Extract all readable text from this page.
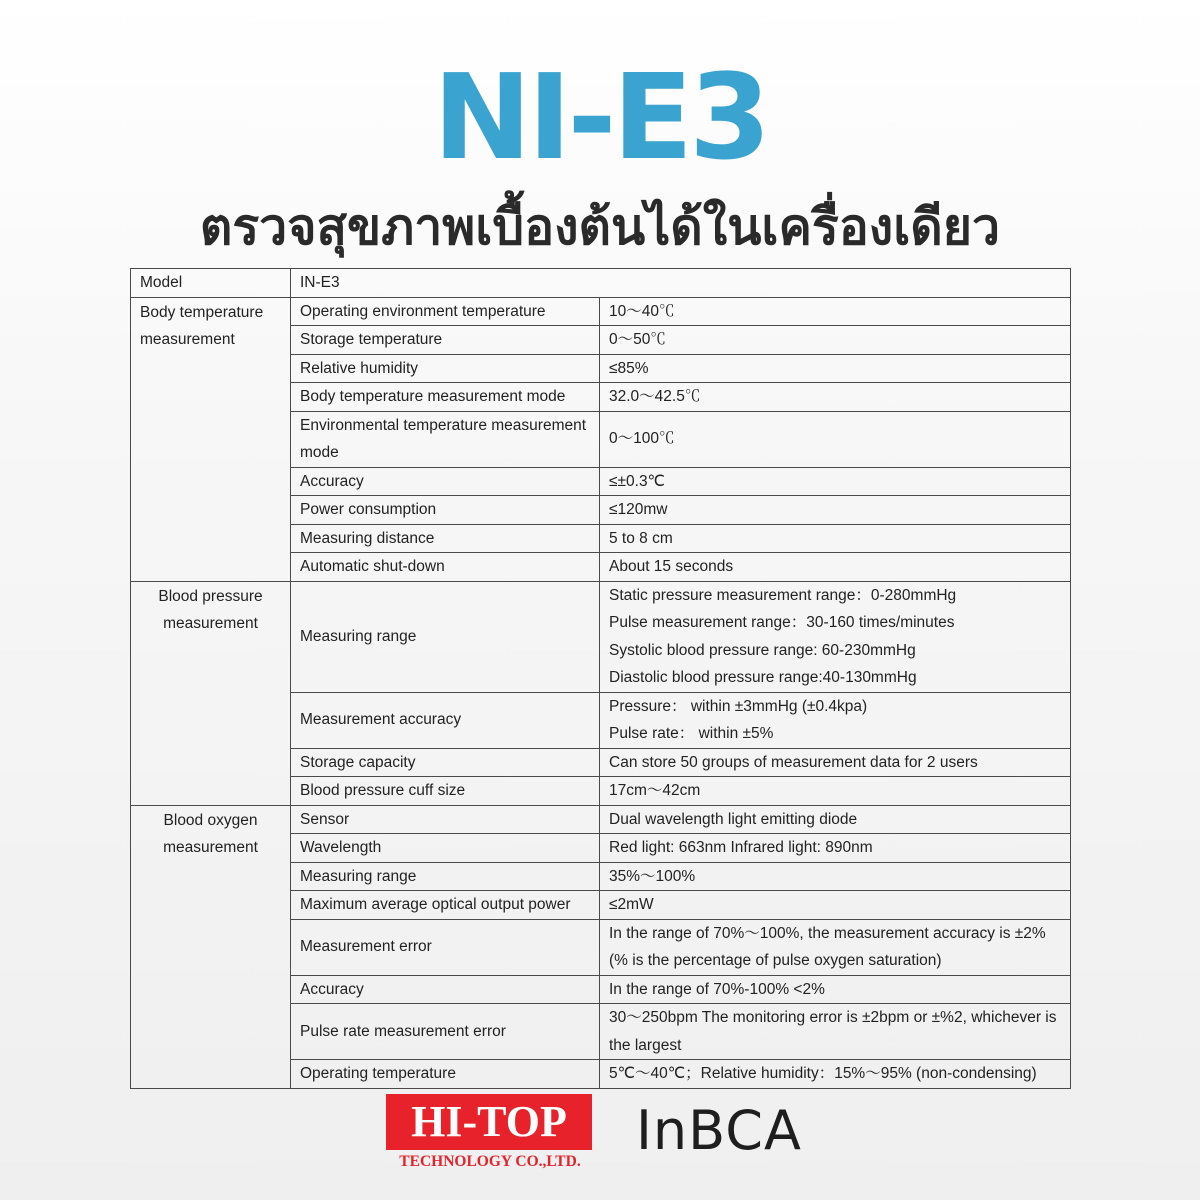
NI-E3
ตรวจสุขภาพเบื้องต้นได้ในเครื่องเดียว
Model	IN-E3	

Body temperature
measurement	Operating environment temperature	10～40℃

	Storage temperature	0～50℃

	Relative humidity	≤85%

	Body temperature measurement mode	32.0～42.5℃

	Environmental temperature measurement
mode	0～100℃

	Accuracy	≤±0.3℃

	Power consumption	≤120mw

	Measuring distance	5 to 8 cm

	Automatic shut-down	About 15 seconds

Blood pressure
measurement	Measuring range	Static pressure measurement range：0-280mmHg
Pulse measurement range：30-160 times/minutes
Systolic blood pressure range: 60-230mmHg
Diastolic blood pressure range:40-130mmHg

	Measurement accuracy	Pressure： within ±3mmHg (±0.4kpa)
Pulse rate： within ±5%

	Storage capacity	Can store 50 groups of measurement data for 2 users

	Blood pressure cuff size	17cm～42cm

Blood oxygen
measurement	Sensor	Dual wavelength light emitting diode

	Wavelength	Red light: 663nm Infrared light: 890nm

	Measuring range	35%～100%

	Maximum average optical output power	≤2mW

	Measurement error	In the range of 70%～100%, the measurement accuracy is ±2%
(% is the percentage of pulse oxygen saturation)

	Accuracy	In the range of 70%-100% <2%

	Pulse rate measurement error	30～250bpm The monitoring error is ±2bpm or ±%2, whichever is
the largest

	Operating temperature	5℃～40℃；Relative humidity：15%～95% (non-condensing)
HI-TOP
TECHNOLOGY CO.,LTD. InBCA
